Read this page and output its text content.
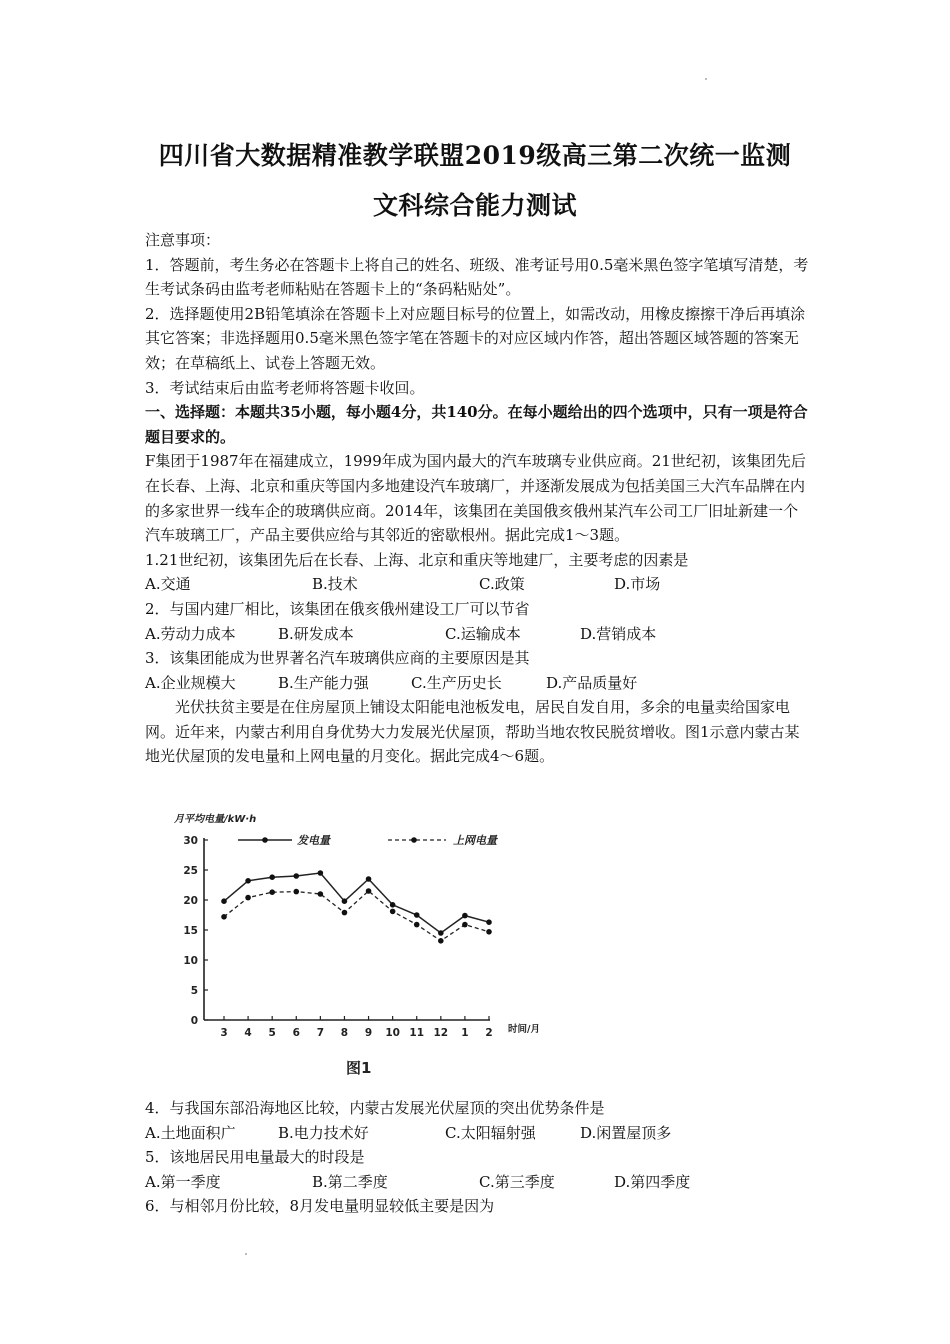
四川省大数据精准教学联盟2019级高三第二次统一监测
文科综合能力测试

注意事项：

1．答题前，考生务必在答题卡上将自己的姓名、班级、准考证号用0.5毫米黑色签字笔填写清楚，考生考试条码由监考老师粘贴在答题卡上的“条码粘贴处”。

2．选择题使用2B铅笔填涂在答题卡上对应题目标号的位置上，如需改动，用橡皮擦擦干净后再填涂其它答案；非选择题用0.5毫米黑色签字笔在答题卡的对应区域内作答，超出答题区域答题的答案无效；在草稿纸上、试卷上答题无效。

3．考试结束后由监考老师将答题卡收回。

一、选择题：本题共35小题，每小题4分，共140分。在每小题给出的四个选项中，只有一项是符合题目要求的。

F集团于1987年在福建成立，1999年成为国内最大的汽车玻璃专业供应商。21世纪初，该集团先后在长春、上海、北京和重庆等国内多地建设汽车玻璃厂，并逐渐发展成为包括美国三大汽车品牌在内的多家世界一线车企的玻璃供应商。2014年，该集团在美国俄亥俄州某汽车公司工厂旧址新建一个汽车玻璃工厂，产品主要供应给与其邻近的密歇根州。据此完成1～3题。

1.21世纪初，该集团先后在长春、上海、北京和重庆等地建厂，主要考虑的因素是

A.交通	B.技术	C.政策	D.市场

2．与国内建厂相比，该集团在俄亥俄州建设工厂可以节省

A.劳动力成本	B.研发成本	C.运输成本	D.营销成本

3．该集团能成为世界著名汽车玻璃供应商的主要原因是其

A.企业规模大	B.生产能力强	C.生产历史长	D.产品质量好

光伏扶贫主要是在住房屋顶上铺设太阳能电池板发电，居民自发自用，多余的电量卖给国家电网。近年来，内蒙古利用自身优势大力发展光伏屋顶，帮助当地农牧民脱贫增收。图1示意内蒙古某地光伏屋顶的发电量和上网电量的月变化。据此完成4～6题。

月平均电量/kW·h
时间/月
图1
发电量	上网电量
0
5
10
15
20
25
30
3 4 5 6 7 8 9 10 11 12 1 2

4．与我国东部沿海地区比较，内蒙古发展光伏屋顶的突出优势条件是

A.土地面积广	B.电力技术好	C.太阳辐射强	D.闲置屋顶多

5．该地居民用电量最大的时段是

A.第一季度	B.第二季度	C.第三季度	D.第四季度

6．与相邻月份比较，8月发电量明显较低主要是因为
